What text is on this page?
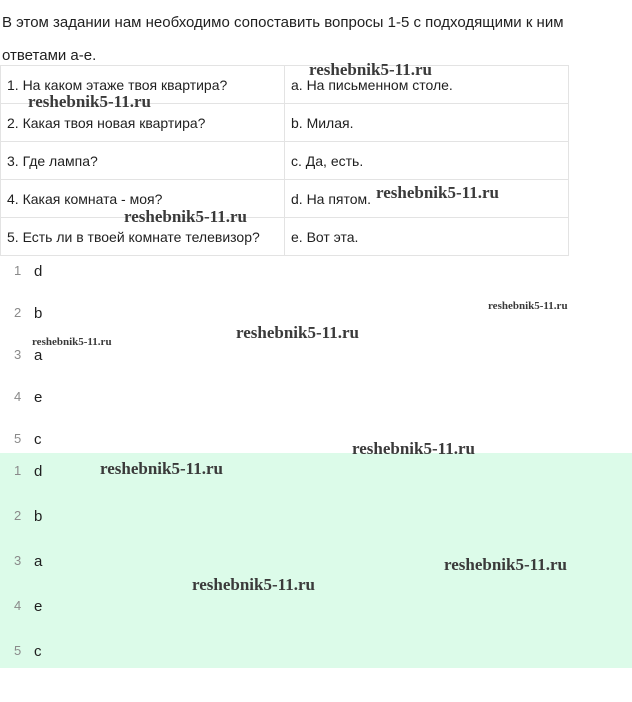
В этом задании нам необходимо сопоставить вопросы 1-5 с подходящими к ним ответами a-e.

1. На каком этаже твоя квартира?	a. На письменном столе.
2. Какая твоя новая квартира?	b. Милая.
3. Где лампа?	c. Да, есть.
4. Какая комната - моя?	d. На пятом.
5. Есть ли в твоей комнате телевизор?	e. Вот эта.
1 d
2 b
3 a
4 e
5 c
1 d
2 b
3 a
4 e
5 c
reshebnik5-11.ru
reshebnik5-11.ru
reshebnik5-11.ru
reshebnik5-11.ru
reshebnik5-11.ru
reshebnik5-11.ru
reshebnik5-11.ru
reshebnik5-11.ru
reshebnik5-11.ru
reshebnik5-11.ru
reshebnik5-11.ru
